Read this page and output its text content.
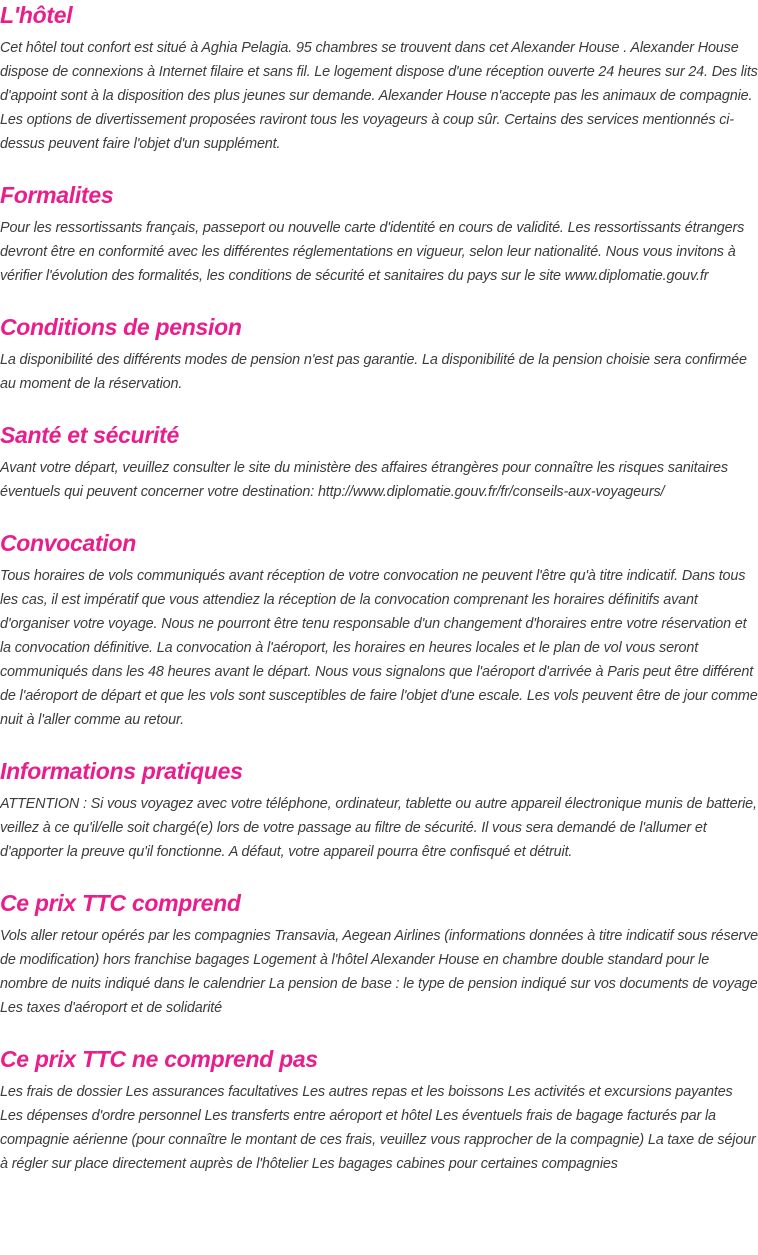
L'hôtel

Cet hôtel tout confort est situé à Aghia Pelagia. 95 chambres se trouvent dans cet Alexander House . Alexander House dispose de connexions à Internet filaire et sans fil. Le logement dispose d'une réception ouverte 24 heures sur 24. Des lits d'appoint sont à la disposition des plus jeunes sur demande. Alexander House n'accepte pas les animaux de compagnie. Les options de divertissement proposées raviront tous les voyageurs à coup sûr. Certains des services mentionnés ci-dessus peuvent faire l'objet d'un supplément.

Formalites

Pour les ressortissants français, passeport ou nouvelle carte d'identité en cours de validité. Les ressortissants étrangers devront être en conformité avec les différentes réglementations en vigueur, selon leur nationalité. Nous vous invitons à vérifier l'évolution des formalités, les conditions de sécurité et sanitaires du pays sur le site www.diplomatie.gouv.fr

Conditions de pension

La disponibilité des différents modes de pension n'est pas garantie. La disponibilité de la pension choisie sera confirmée au moment de la réservation.

Santé et sécurité

Avant votre départ, veuillez consulter le site du ministère des affaires étrangères pour connaître les risques sanitaires éventuels qui peuvent concerner votre destination: http://www.diplomatie.gouv.fr/fr/conseils-aux-voyageurs/

Convocation

Tous horaires de vols communiqués avant réception de votre convocation ne peuvent l'être qu'à titre indicatif. Dans tous les cas, il est impératif que vous attendiez la réception de la convocation comprenant les horaires définitifs avant d'organiser votre voyage. Nous ne pourront être tenu responsable d'un changement d'horaires entre votre réservation et la convocation définitive. La convocation à l'aéroport, les horaires en heures locales et le plan de vol vous seront communiqués dans les 48 heures avant le départ. Nous vous signalons que l'aéroport d'arrivée à Paris peut être différent de l'aéroport de départ et que les vols sont susceptibles de faire l'objet d'une escale. Les vols peuvent être de jour comme nuit à l'aller comme au retour.

Informations pratiques

ATTENTION : Si vous voyagez avec votre téléphone, ordinateur, tablette ou autre appareil électronique munis de batterie, veillez à ce qu'il/elle soit chargé(e) lors de votre passage au filtre de sécurité. Il vous sera demandé de l'allumer et d'apporter la preuve qu'il fonctionne. A défaut, votre appareil pourra être confisqué et détruit.

Ce prix TTC comprend

Vols aller retour opérés par les compagnies Transavia, Aegean Airlines (informations données à titre indicatif sous réserve de modification) hors franchise bagages Logement à l'hôtel Alexander House en chambre double standard pour le nombre de nuits indiqué dans le calendrier La pension de base : le type de pension indiqué sur vos documents de voyage Les taxes d'aéroport et de solidarité

Ce prix TTC ne comprend pas

Les frais de dossier Les assurances facultatives Les autres repas et les boissons Les activités et excursions payantes Les dépenses d'ordre personnel Les transferts entre aéroport et hôtel Les éventuels frais de bagage facturés par la compagnie aérienne (pour connaître le montant de ces frais, veuillez vous rapprocher de la compagnie) La taxe de séjour à régler sur place directement auprès de l'hôtelier Les bagages cabines pour certaines compagnies
